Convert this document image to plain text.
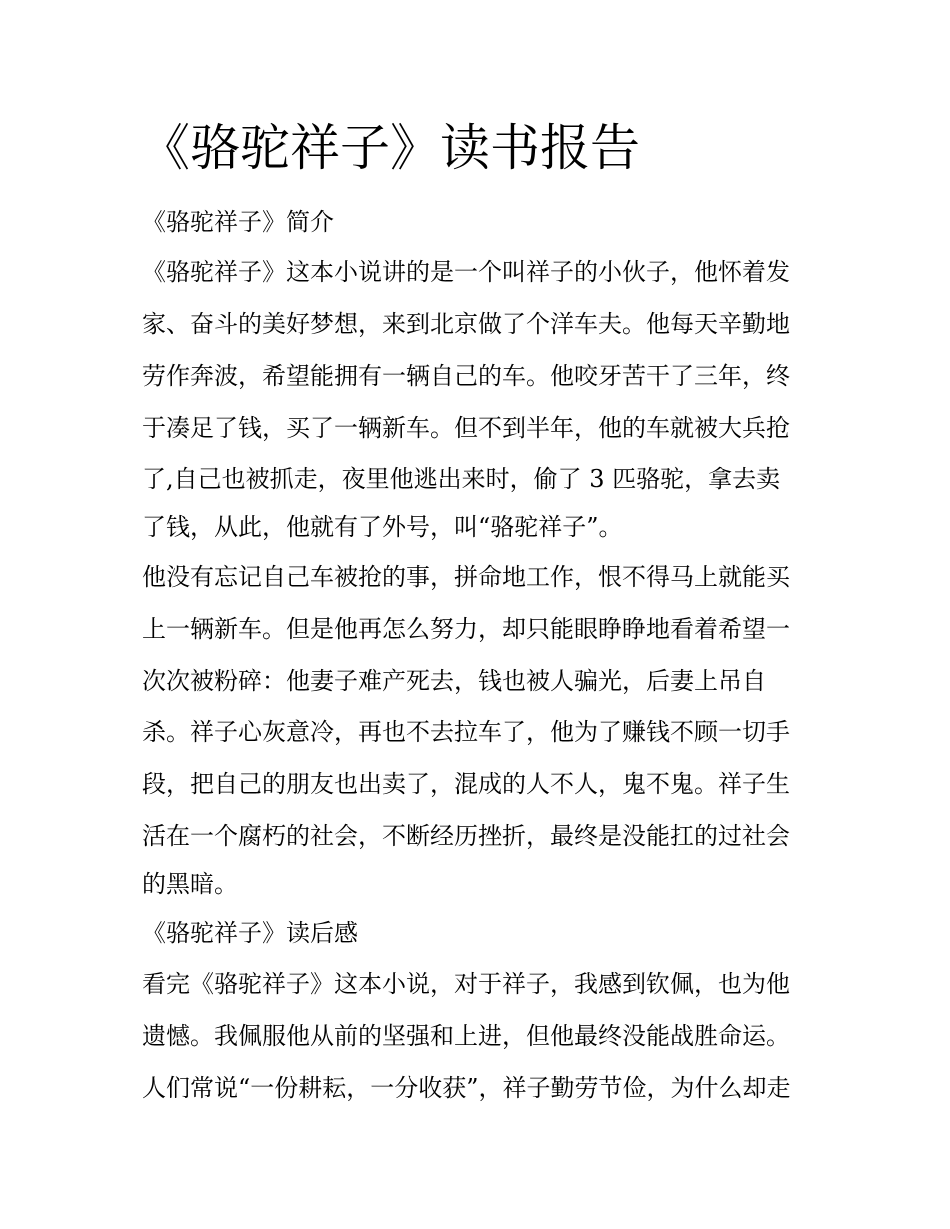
《骆驼祥子》读书报告
《骆驼祥子》简介
《骆驼祥子》这本小说讲的是一个叫祥子的小伙子，他怀着发
家、奋斗的美好梦想，来到北京做了个洋车夫。他每天辛勤地
劳作奔波，希望能拥有一辆自己的车。他咬牙苦干了三年，终
于凑足了钱，买了一辆新车。但不到半年，他的车就被大兵抢
了,自己也被抓走，夜里他逃出来时，偷了 3 匹骆驼，拿去卖
了钱，从此，他就有了外号，叫“骆驼祥子”。
他没有忘记自己车被抢的事，拼命地工作，恨不得马上就能买
上一辆新车。但是他再怎么努力，却只能眼睁睁地看着希望一
次次被粉碎：他妻子难产死去，钱也被人骗光，后妻上吊自
杀。祥子心灰意冷，再也不去拉车了，他为了赚钱不顾一切手
段，把自己的朋友也出卖了，混成的人不人，鬼不鬼。祥子生
活在一个腐朽的社会，不断经历挫折，最终是没能扛的过社会
的黑暗。
《骆驼祥子》读后感
看完《骆驼祥子》这本小说，对于祥子，我感到钦佩，也为他
遗憾。我佩服他从前的坚强和上进，但他最终没能战胜命运。
人们常说“一份耕耘，一分收获”，祥子勤劳节俭，为什么却走
